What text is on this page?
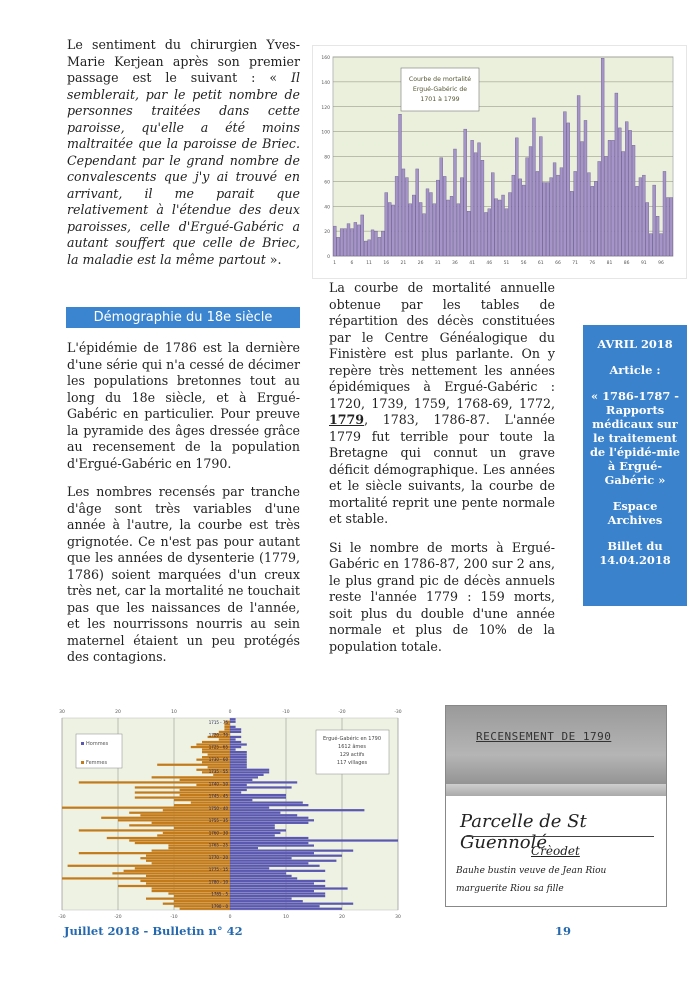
Le sentiment du chirurgien Yves-Marie Kerjean après son premier passage est le suivant : « Il semblerait, par le petit nombre de personnes traitées dans cette paroisse, qu'elle a été moins maltraitée que la paroisse de Briec. Cependant par le grand nombre de convalescents que j'y ai trouvé en arrivant, il me parait que relativement à l'étendue des deux paroisses, celle d'Ergué-Gabéric a autant souffert que celle de Briec, la maladie est la même partout ».

Démographie du 18e siècle

L'épidémie de 1786 est la dernière d'une série qui n'a cessé de décimer les populations bretonnes tout au long du 18e siècle, et à Ergué-Gabéric en particulier. Pour preuve la pyramide des âges dressée grâce au recensement de la population d'Ergué-Gabéric en 1790.

Les nombres recensés par tranche d'âge sont très variables d'une année à l'autre, la courbe est très grignotée. Ce n'est pas pour autant que les années de dysenterie (1779, 1786) soient marquées d'un creux très net, car la mortalité ne touchait pas que les naissances de l'année, et les nourrissons nourris au sein maternel étaient un peu protégés des contagions.

0
20
40
60
80
100
120
140
160
1	6	11	16	21	26	31	36	41	46	51	56	61	66	71	76	81	86	91	96
Courbe de mortalité
Ergué-Gabéric de
1701 à 1799

La courbe de mortalité annuelle obtenue par les tables de répartition des décès constituées par le Centre Généalogique du Finistère est plus parlante. On y repère très nettement les années épidémiques à Ergué-Gabéric : 1720, 1739, 1759, 1768-69, 1772, 1779, 1783, 1786-87. L'année 1779 fut terrible pour toute la Bretagne qui connut un grave déficit démographique. Les années et le siècle suivants, la courbe de mortalité reprit une pente normale et stable.

Si le nombre de morts à Ergué-Gabéric en 1786-87, 200 sur 2 ans, le plus grand pic de décès annuels reste l'année 1779 : 159 morts, soit plus du double d'une année normale et plus de 10% de la population totale.

AVRIL 2018
Article :
« 1786-1787 - Rapports médicaux sur le traitement de l'épidé-mie à Ergué-Gabéric »
Espace Archives
Billet du 14.04.2018
30	20	10	0	-10	-20	-30
-30	-20	-10	0	10	20	30
1715 - 75
1720 - 70
1725 - 65
1730 - 60
1735 - 55
1740 - 50
1745 - 45
1750 - 40
1755 - 35
1760 - 30
1765 - 25
1770 - 20
1775 - 15
1780 - 10
1785 - 5
1790 - 0
Hommes
Femmes
Ergué-Gabéric en 1790
1612 âmes
129 actifs
117 villages
RECENSEMENT DE 1790
Parcelle de St Guennolé
Crèodet
Bauhe bustin veuve de Jean Riou
marguerite Riou sa fille
Juillet 2018 - Bulletin n° 42	19
